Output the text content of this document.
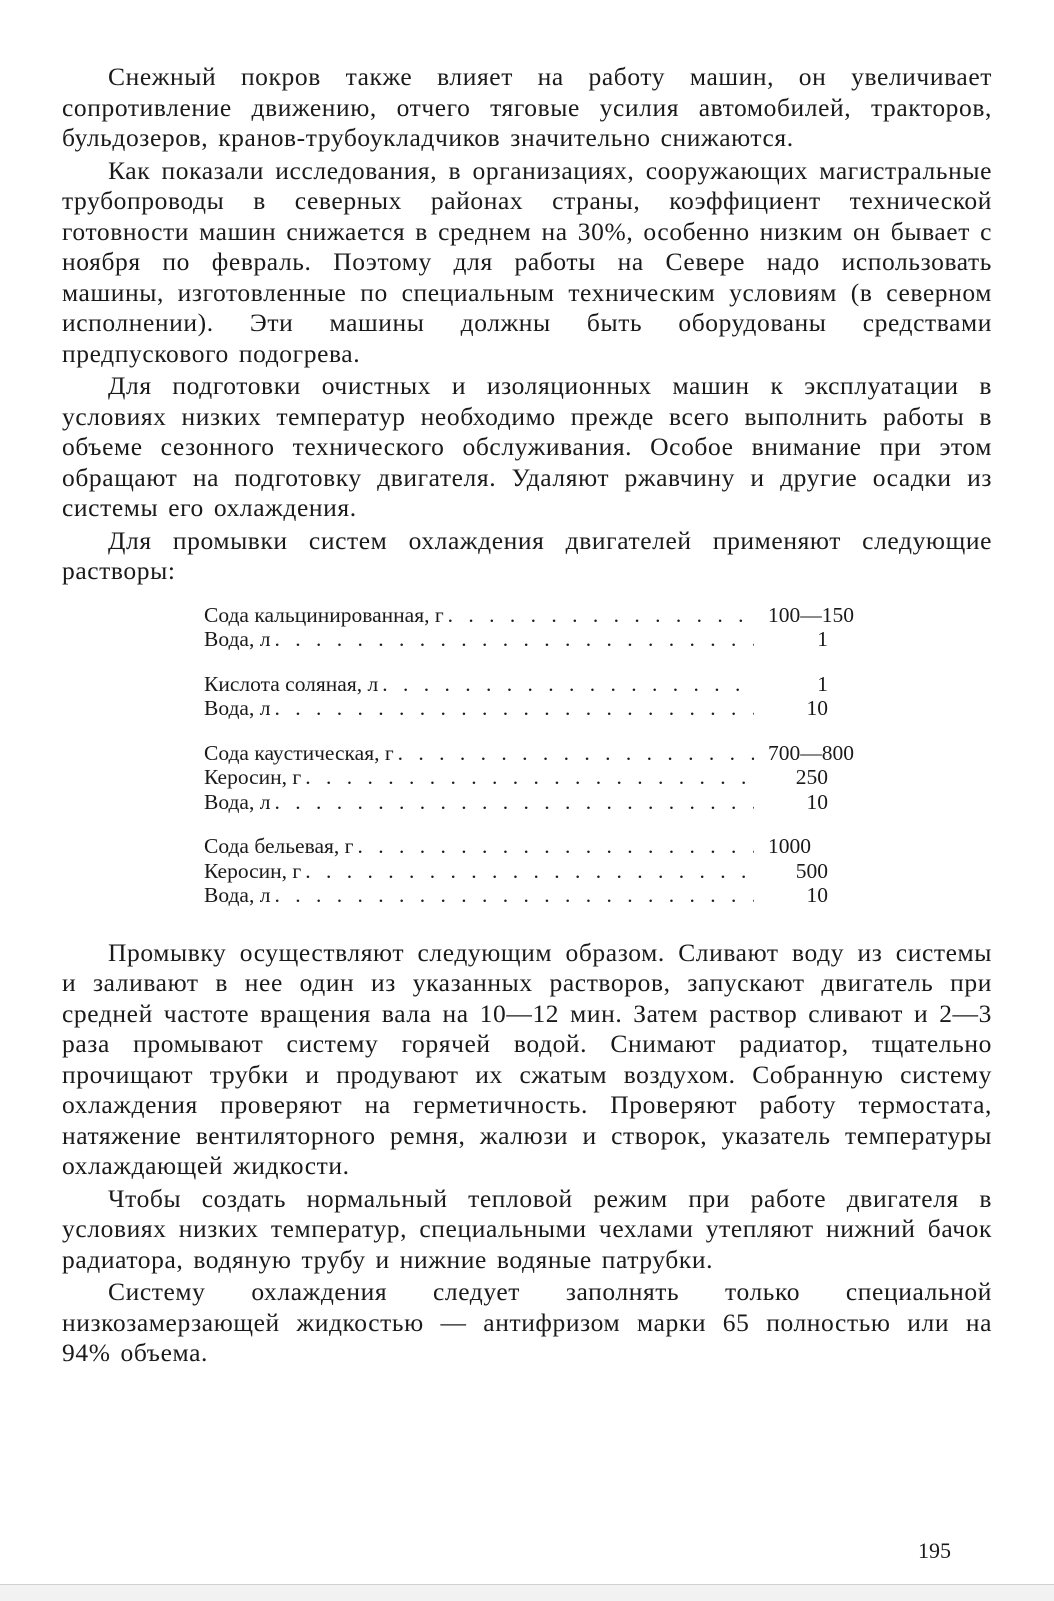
Снежный покров также влияет на работу машин, он увеличивает сопротивление движению, отчего тяговые усилия автомобилей, тракторов, бульдозеров, кранов-трубоукладчиков значительно снижаются.

Как показали исследования, в организациях, сооружающих магистральные трубопроводы в северных районах страны, коэффициент технической готовности машин снижается в среднем на 30%, особенно низким он бывает с ноября по февраль. Поэтому для работы на Севере надо использовать машины, изготовленные по специальным техническим условиям (в северном исполнении). Эти машины должны быть оборудованы средствами предпускового подогрева.

Для подготовки очистных и изоляционных машин к эксплуатации в условиях низких температур необходимо прежде всего выполнить работы в объеме сезонного технического обслуживания. Особое внимание при этом обращают на подготовку двигателя. Удаляют ржавчину и другие осадки из системы его охлаждения.

Для промывки систем охлаждения двигателей применяют следующие растворы:

Сода кальцинированная, г . . .	100—150
Вода, л . . .	1
Кислота соляная, л . . .	1
Вода, л . . .	10
Сода каустическая, г . . .	700—800
Керосин, г . . .	250
Вода, л . . .	10
Сода бельевая, г . . .	1000
Керосин, г . . .	500
Вода, л . . .	10

Промывку осуществляют следующим образом. Сливают воду из системы и заливают в нее один из указанных растворов, запускают двигатель при средней частоте вращения вала на 10—12 мин. Затем раствор сливают и 2—3 раза промывают систему горячей водой. Снимают радиатор, тщательно прочищают трубки и продувают их сжатым воздухом. Собранную систему охлаждения проверяют на герметичность. Проверяют работу термостата, натяжение вентиляторного ремня, жалюзи и створок, указатель температуры охлаждающей жидкости.

Чтобы создать нормальный тепловой режим при работе двигателя в условиях низких температур, специальными чехлами утепляют нижний бачок радиатора, водяную трубу и нижние водяные патрубки.

Систему охлаждения следует заполнять только специальной низкозамерзающей жидкостью — антифризом марки 65 полностью или на 94% объема.

195
